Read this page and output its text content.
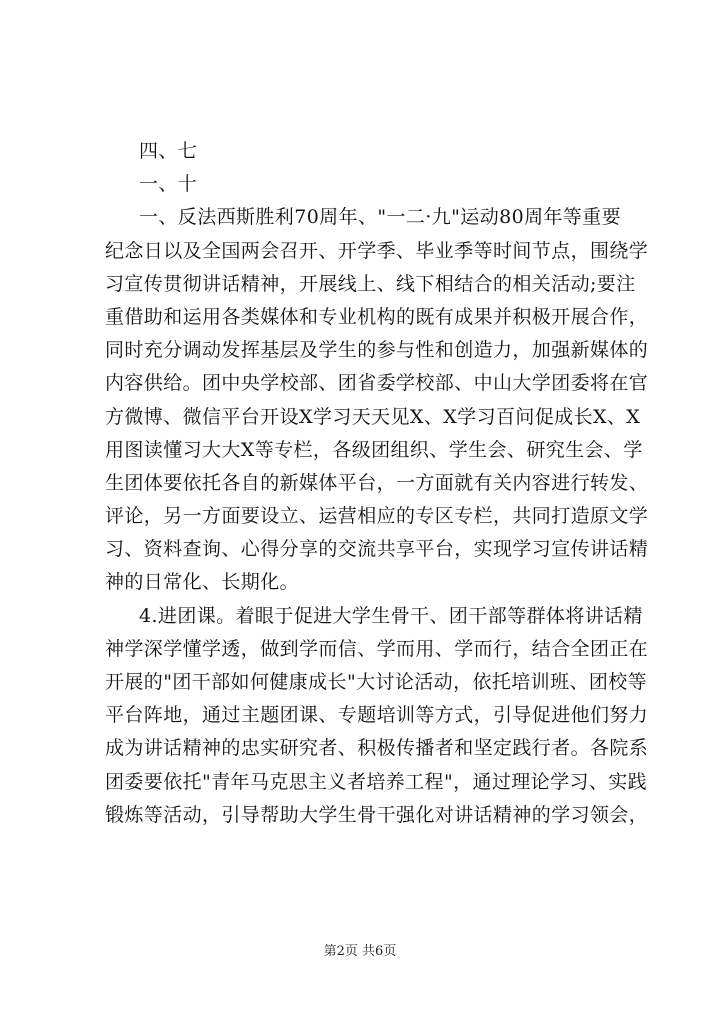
四、七
一、十
一、反法西斯胜利70周年、"一二·九"运动80周年等重要
纪念日以及全国两会召开、开学季、毕业季等时间节点，围绕学
习宣传贯彻讲话精神，开展线上、线下相结合的相关活动;要注
重借助和运用各类媒体和专业机构的既有成果并积极开展合作，
同时充分调动发挥基层及学生的参与性和创造力，加强新媒体的
内容供给。团中央学校部、团省委学校部、中山大学团委将在官
方微博、微信平台开设X学习天天见X、X学习百问促成长X、X
用图读懂习大大X等专栏，各级团组织、学生会、研究生会、学
生团体要依托各自的新媒体平台，一方面就有关内容进行转发、
评论，另一方面要设立、运营相应的专区专栏，共同打造原文学
习、资料查询、心得分享的交流共享平台，实现学习宣传讲话精
神的日常化、长期化。
4.进团课。着眼于促进大学生骨干、团干部等群体将讲话精
神学深学懂学透，做到学而信、学而用、学而行，结合全团正在
开展的"团干部如何健康成长"大讨论活动，依托培训班、团校等
平台阵地，通过主题团课、专题培训等方式，引导促进他们努力
成为讲话精神的忠实研究者、积极传播者和坚定践行者。各院系
团委要依托"青年马克思主义者培养工程"，通过理论学习、实践
锻炼等活动，引导帮助大学生骨干强化对讲话精神的学习领会，
第2页 共6页
